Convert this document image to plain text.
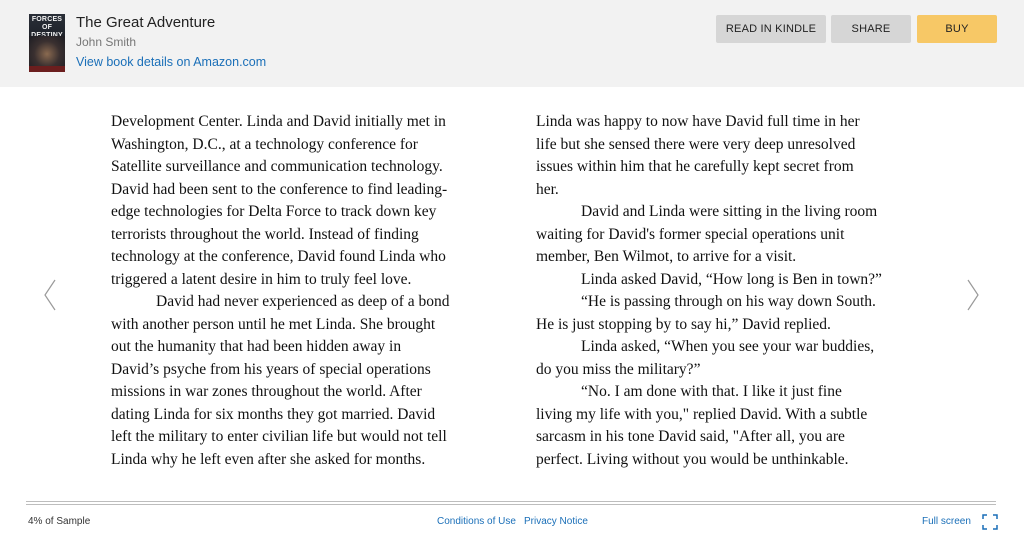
FORCES
OF	The Great Adventure
John Smith
View book details on Amazon.com
READ IN KINDLE	SHARE	BUY

Development Center. Linda and David initially met in

Washington, D.C., at a technology conference for

Satellite surveillance and communication technology.

David had been sent to the conference to find leading-

edge technologies for Delta Force to track down key

terrorists throughout the world. Instead of finding

technology at the conference, David found Linda who

triggered a latent desire in him to truly feel love.

David had never experienced as deep of a bond

with another person until he met Linda. She brought

out the humanity that had been hidden away in

David’s psyche from his years of special operations

missions in war zones throughout the world. After

dating Linda for six months they got married. David

left the military to enter civilian life but would not tell

Linda why he left even after she asked for months.

Linda was happy to now have David full time in her

life but she sensed there were very deep unresolved

issues within him that he carefully kept secret from

her.

David and Linda were sitting in the living room

waiting for David's former special operations unit

member, Ben Wilmot, to arrive for a visit.

Linda asked David, “How long is Ben in town?”

“He is passing through on his way down South.

He is just stopping by to say hi,” David replied.

Linda asked, “When you see your war buddies,

do you miss the military?”

“No. I am done with that. I like it just fine

living my life with you," replied David. With a subtle

sarcasm in his tone David said, "After all, you are

perfect. Living without you would be unthinkable.

4% of Sample	Conditions of Use Privacy Notice	Full screen
